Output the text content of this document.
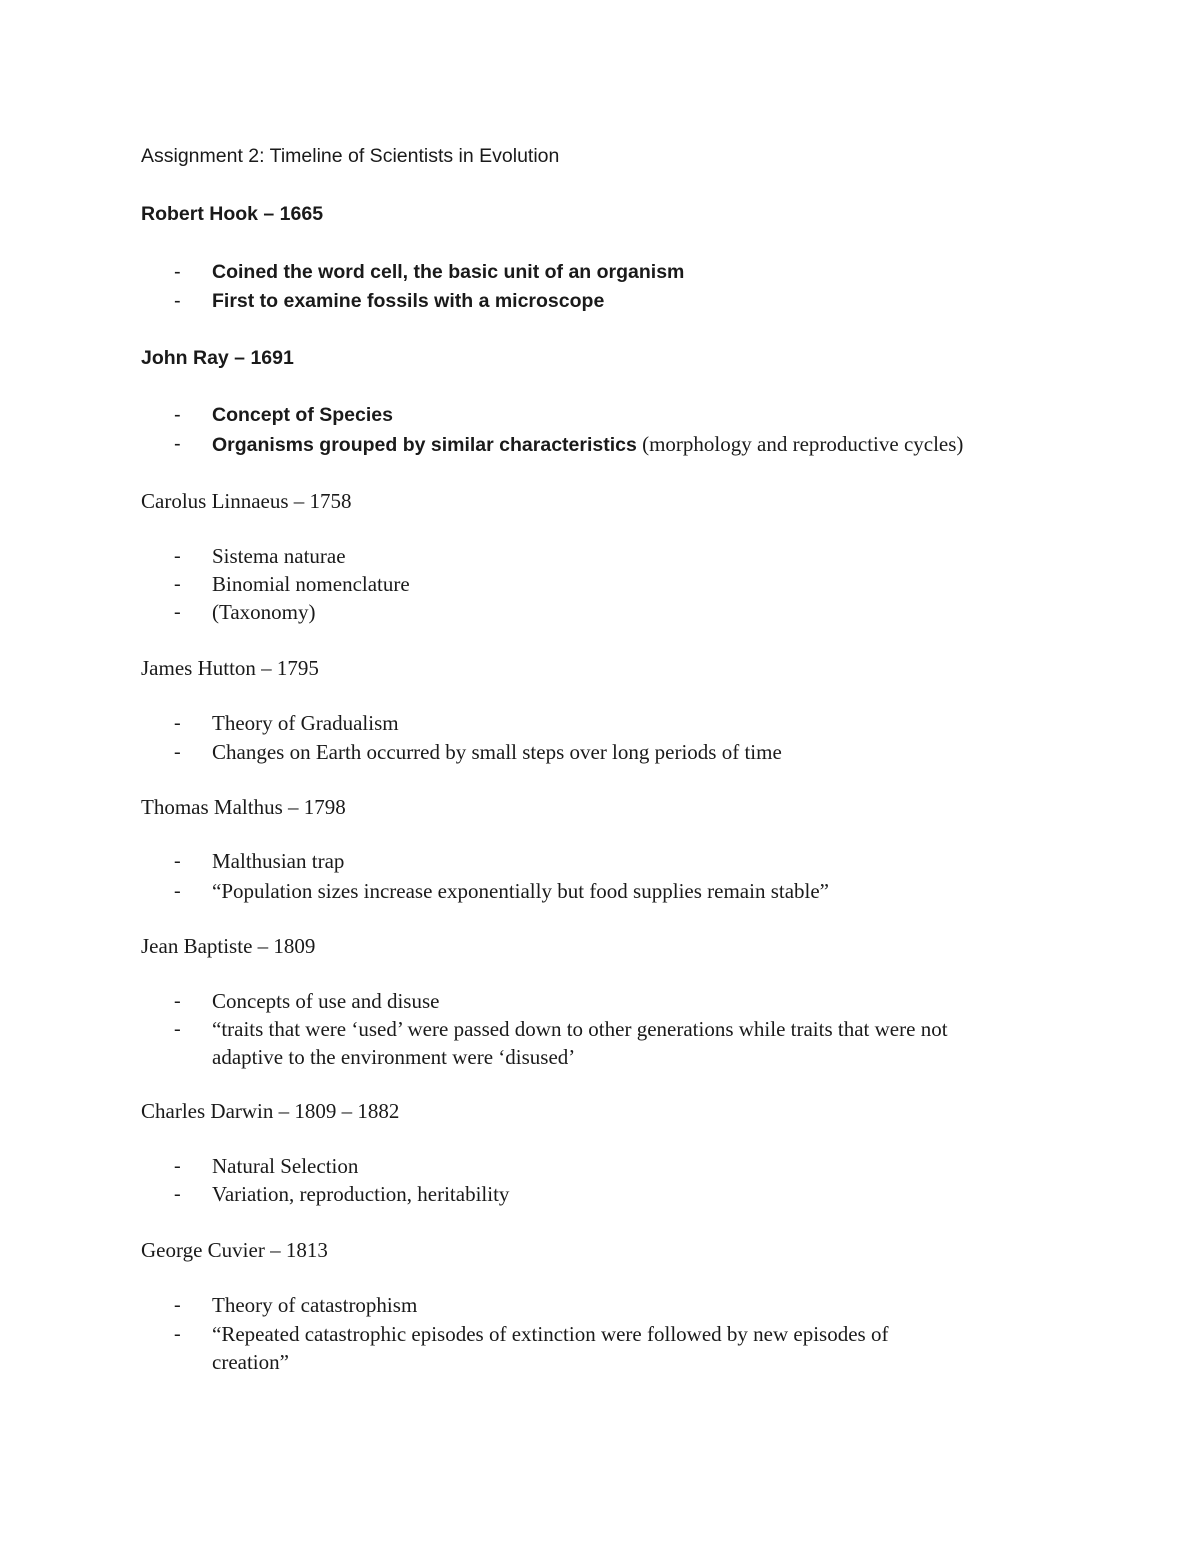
Assignment 2: Timeline of Scientists in Evolution
Robert Hook – 1665
- Coined the word cell, the basic unit of an organism
- First to examine fossils with a microscope
John Ray – 1691
- Concept of Species
- Organisms grouped by similar characteristics (morphology and reproductive cycles)
Carolus Linnaeus – 1758
- Sistema naturae
- Binomial nomenclature
- (Taxonomy)
James Hutton – 1795
- Theory of Gradualism
- Changes on Earth occurred by small steps over long periods of time
Thomas Malthus – 1798
- Malthusian trap
- “Population sizes increase exponentially but food supplies remain stable”
Jean Baptiste – 1809
- Concepts of use and disuse
- “traits that were ‘used’ were passed down to other generations while traits that were not
adaptive to the environment were ‘disused’
Charles Darwin – 1809 – 1882
- Natural Selection
- Variation, reproduction, heritability
George Cuvier – 1813
- Theory of catastrophism
- “Repeated catastrophic episodes of extinction were followed by new episodes of
creation”
